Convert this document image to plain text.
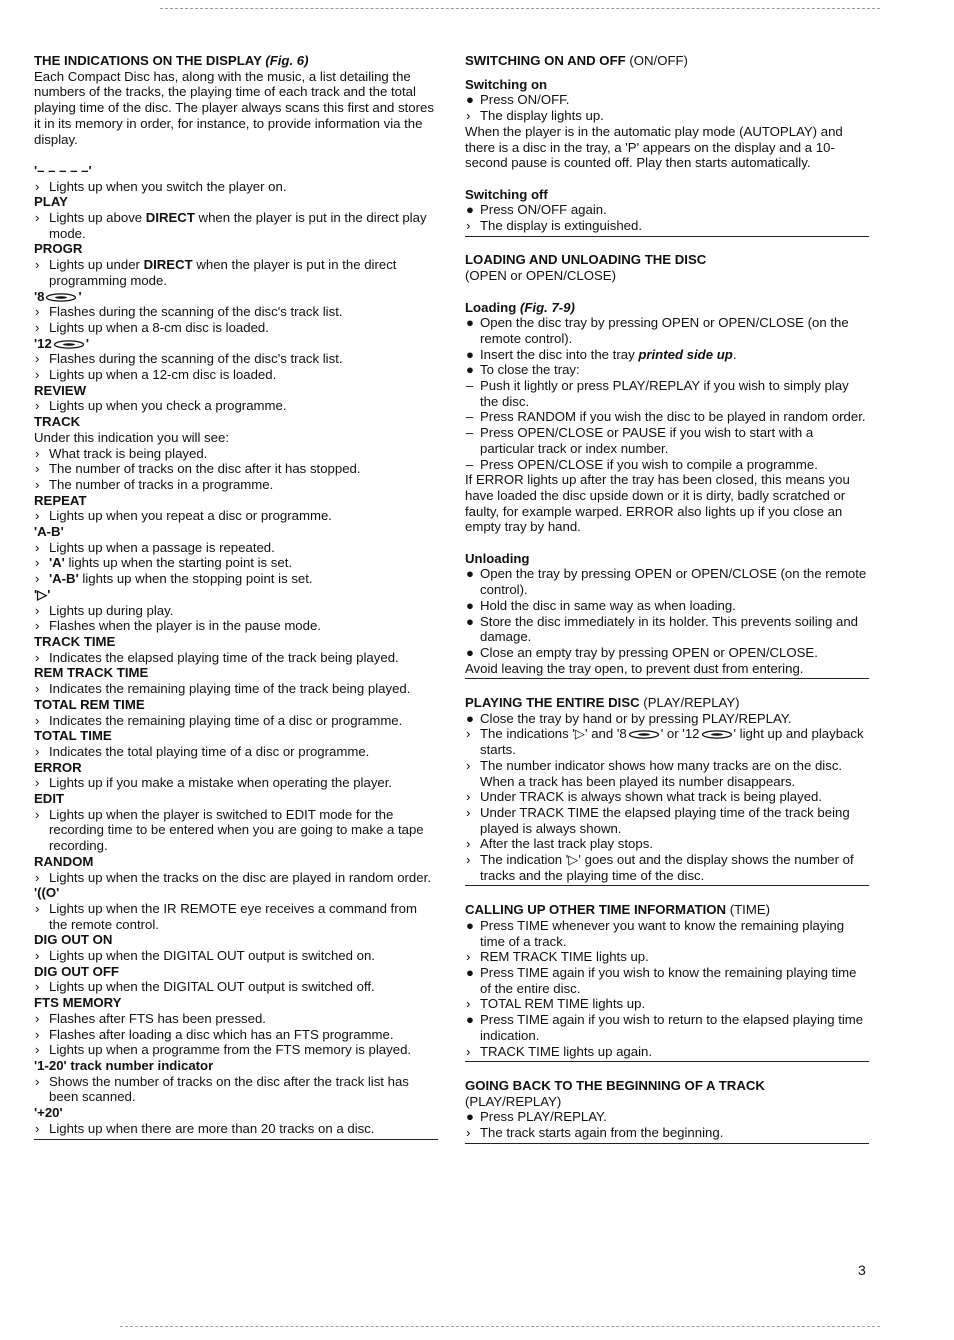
THE INDICATIONS ON THE DISPLAY (Fig. 6)

Each Compact Disc has, along with the music, a list detailing the numbers of the tracks, the playing time of each track and the total playing time of the disc. The player always scans this first and stores it in its memory in order, for instance, to provide information via the display.

'– – – – –'

› Lights up when you switch the player on.

PLAY

› Lights up above DIRECT when the player is put in the direct play mode.

PROGR

› Lights up under DIRECT when the player is put in the direct programming mode.

'8	'

› Flashes during the scanning of the disc's track list.

› Lights up when a 8-cm disc is loaded.

'12	'

› Flashes during the scanning of the disc's track list.

› Lights up when a 12-cm disc is loaded.

REVIEW

› Lights up when you check a programme.

TRACK

Under this indication you will see:

› What track is being played.

› The number of tracks on the disc after it has stopped.

› The number of tracks in a programme.

REPEAT

› Lights up when you repeat a disc or programme.

'A-B'

› Lights up when a passage is repeated.

› 'A' lights up when the starting point is set.

› 'A-B' lights up when the stopping point is set.

'▷'

› Lights up during play.

› Flashes when the player is in the pause mode.

TRACK TIME

› Indicates the elapsed playing time of the track being played.

REM TRACK TIME

› Indicates the remaining playing time of the track being played.

TOTAL REM TIME

› Indicates the remaining playing time of a disc or programme.

TOTAL TIME

› Indicates the total playing time of a disc or programme.

ERROR

› Lights up if you make a mistake when operating the player.

EDIT

› Lights up when the player is switched to EDIT mode for the recording time to be entered when you are going to make a tape recording.

RANDOM

› Lights up when the tracks on the disc are played in random order.

'((O'

› Lights up when the IR REMOTE eye receives a command from the remote control.

DIG OUT ON

› Lights up when the DIGITAL OUT output is switched on.

DIG OUT OFF

› Lights up when the DIGITAL OUT output is switched off.

FTS MEMORY

› Flashes after FTS has been pressed.

› Flashes after loading a disc which has an FTS programme.

› Lights up when a programme from the FTS memory is played.

'1-20' track number indicator

› Shows the number of tracks on the disc after the track list has been scanned.

'+20'

› Lights up when there are more than 20 tracks on a disc.

SWITCHING ON AND OFF (ON/OFF)
Switching on

● Press ON/OFF.

› The display lights up.

When the player is in the automatic play mode (AUTOPLAY) and there is a disc in the tray, a 'P' appears on the display and a 10-second pause is counted off. Play then starts automatically.

Switching off

● Press ON/OFF again.

› The display is extinguished.

LOADING AND UNLOADING THE DISC

(OPEN or OPEN/CLOSE)

Loading (Fig. 7-9)

● Open the disc tray by pressing OPEN or OPEN/CLOSE (on the remote control).

● Insert the disc into the tray printed side up.

● To close the tray:

– Push it lightly or press PLAY/REPLAY if you wish to simply play the disc.

– Press RANDOM if you wish the disc to be played in random order.

– Press OPEN/CLOSE or PAUSE if you wish to start with a particular track or index number.

– Press OPEN/CLOSE if you wish to compile a programme.

If ERROR lights up after the tray has been closed, this means you have loaded the disc upside down or it is dirty, badly scratched or faulty, for example warped. ERROR also lights up if you close an empty tray by hand.

Unloading

● Open the tray by pressing OPEN or OPEN/CLOSE (on the remote control).

● Hold the disc in same way as when loading.

● Store the disc immediately in its holder. This prevents soiling and damage.

● Close an empty tray by pressing OPEN or OPEN/CLOSE.

Avoid leaving the tray open, to prevent dust from entering.

PLAYING THE ENTIRE DISC (PLAY/REPLAY)

● Close the tray by hand or by pressing PLAY/REPLAY.

› The indications '▷' and '8	' or '12	' light up and playback starts.

› The number indicator shows how many tracks are on the disc. When a track has been played its number disappears.

› Under TRACK is always shown what track is being played.

› Under TRACK TIME the elapsed playing time of the track being played is always shown.

› After the last track play stops.

› The indication '▷' goes out and the display shows the number of tracks and the playing time of the disc.

CALLING UP OTHER TIME INFORMATION (TIME)

● Press TIME whenever you want to know the remaining playing time of a track.

› REM TRACK TIME lights up.

● Press TIME again if you wish to know the remaining playing time of the entire disc.

› TOTAL REM TIME lights up.

● Press TIME again if you wish to return to the elapsed playing time indication.

› TRACK TIME lights up again.

GOING BACK TO THE BEGINNING OF A TRACK

(PLAY/REPLAY)

● Press PLAY/REPLAY.

› The track starts again from the beginning.

3
